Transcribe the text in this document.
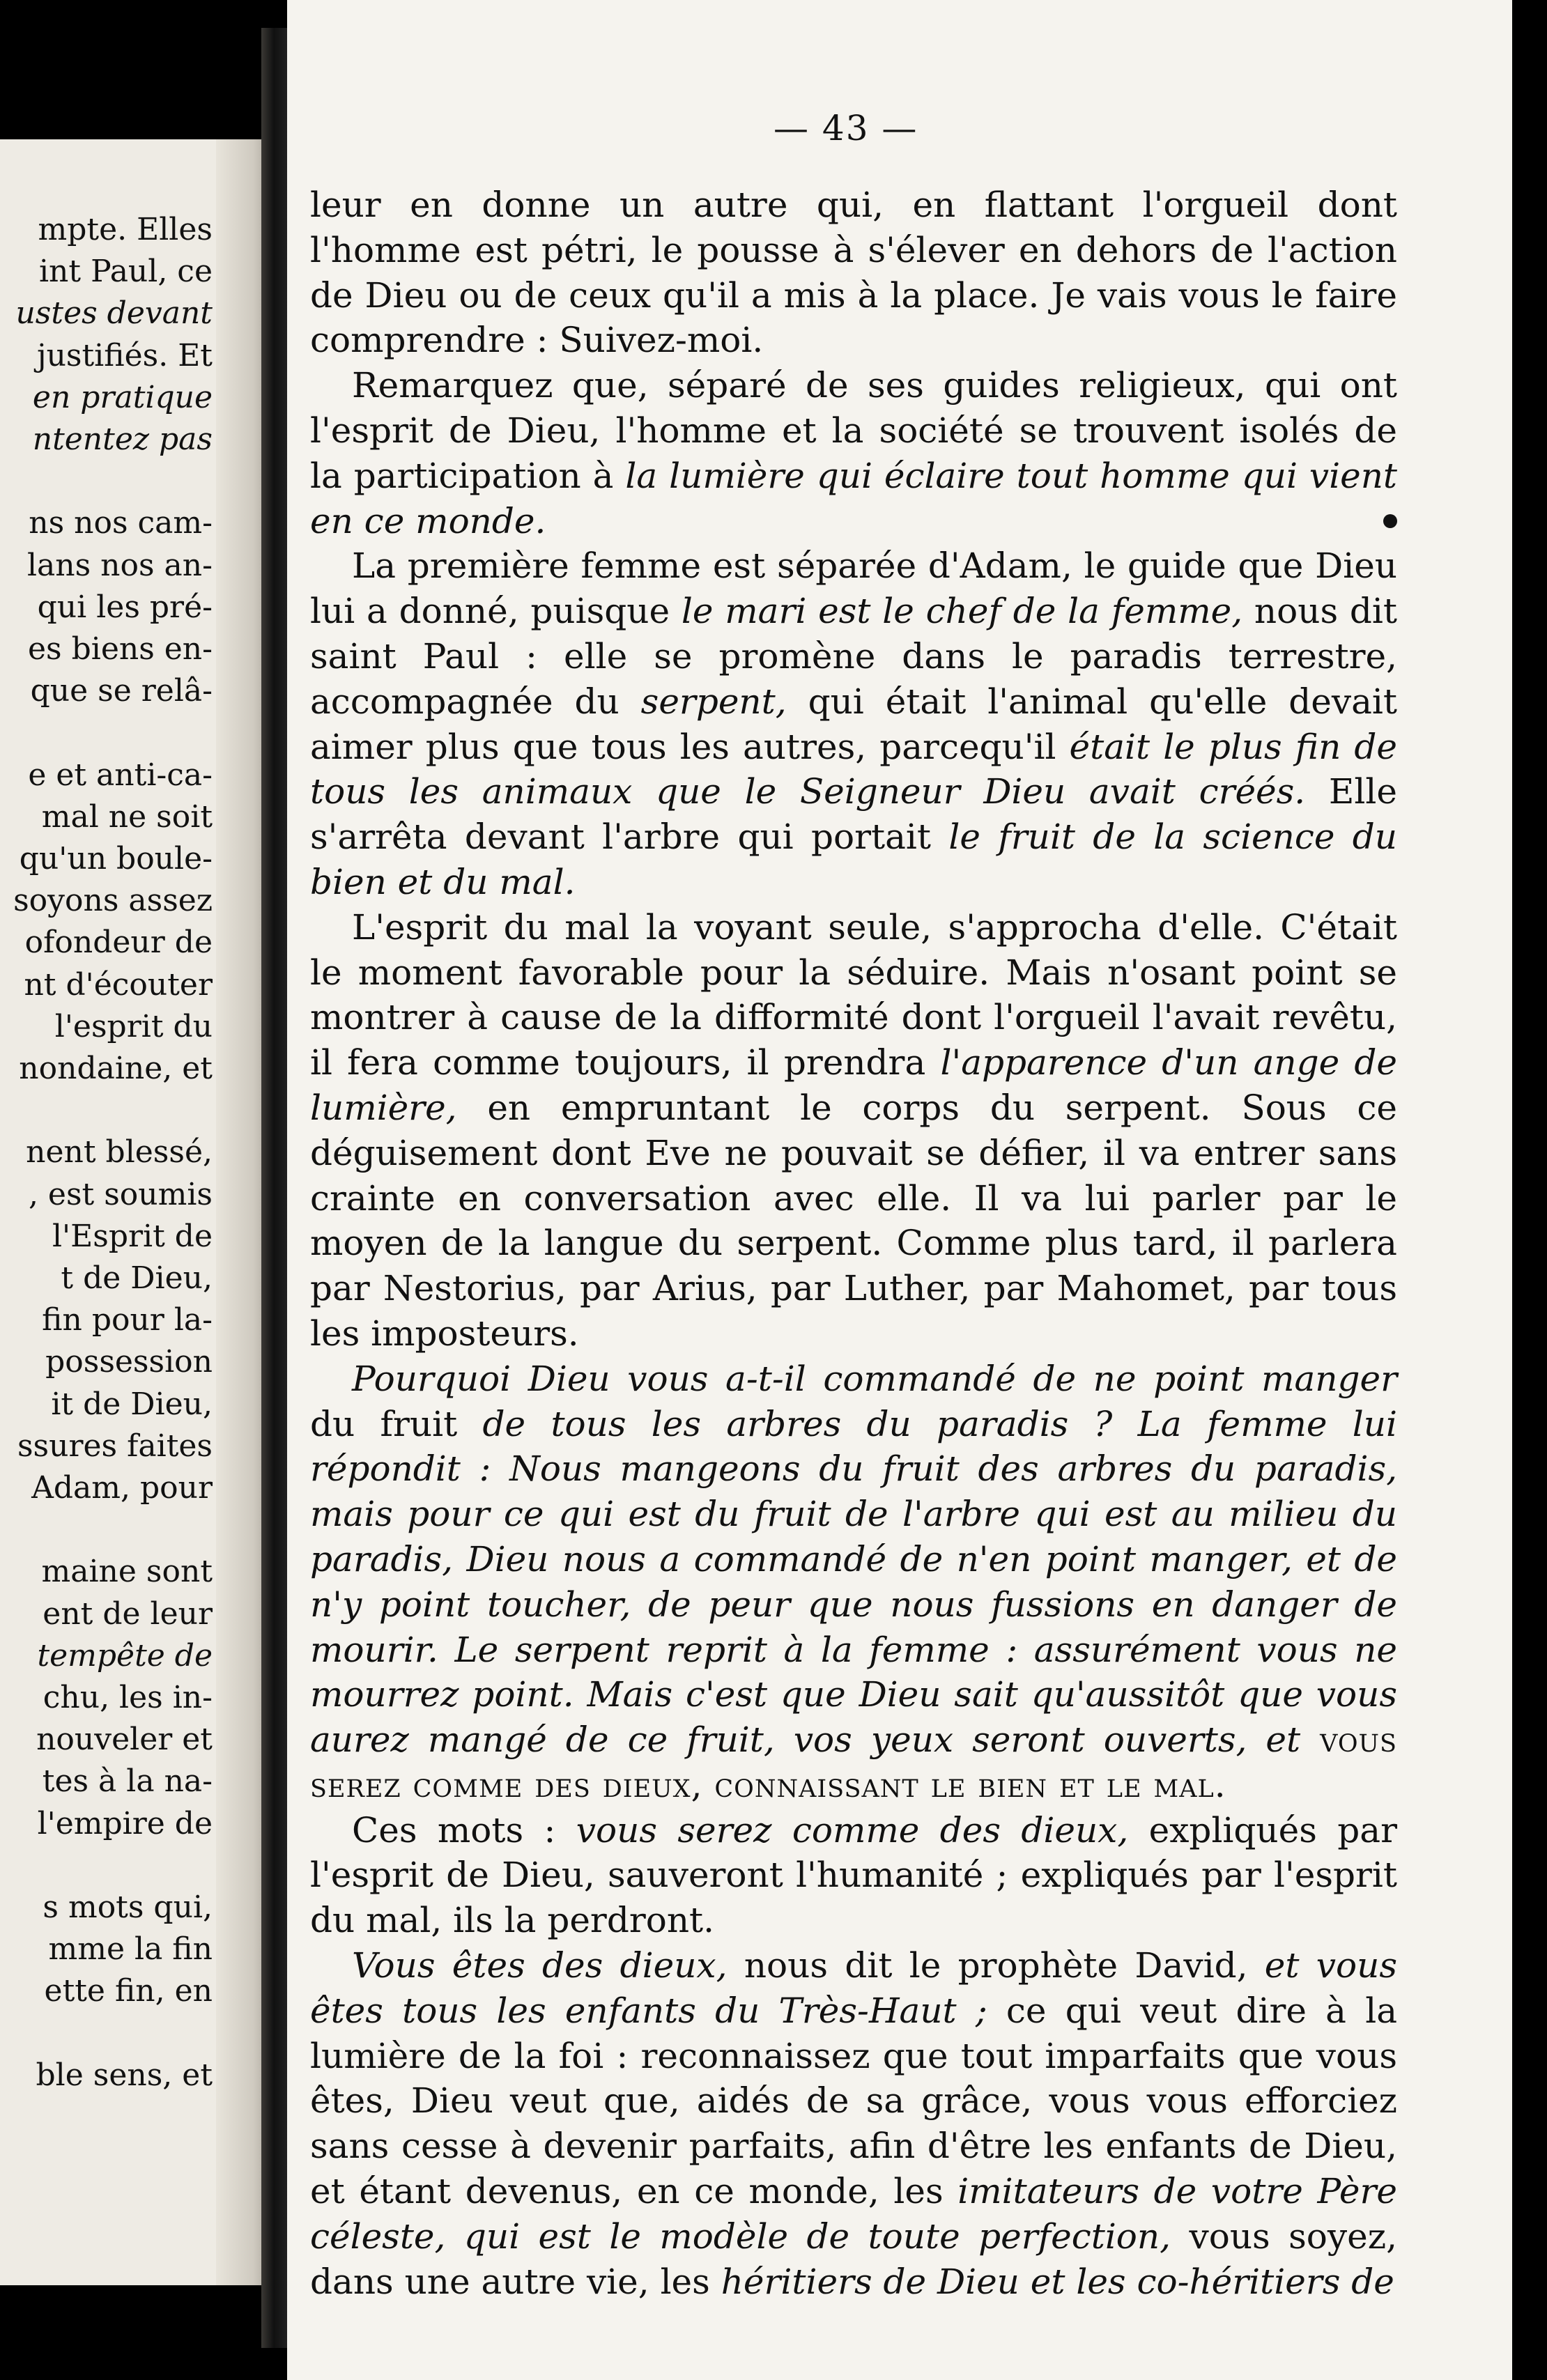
mpte. Elles
int Paul, ce
ustes devant
justifiés. Et
en pratique
ntentez pas
ns nos cam-
lans nos an-
qui les pré-
es biens en-
que se relâ-
e et anti-ca-
mal ne soit
qu'un boule-
soyons assez
ofondeur de
nt d'écouter
l'esprit du
nondaine, et
nent blessé,
, est soumis
l'Esprit de
t de Dieu,
fin pour la-
possession
it de Dieu,
ssures faites
Adam, pour
maine sont
ent de leur
tempête de
chu, les in-
nouveler et
tes à la na-
l'empire de
s mots qui,
mme la fin
ette fin, en
ble sens, et
— 43 —

leur en donne un autre qui, en flattant l'orgueil dont l'homme est pétri, le pousse à s'élever en dehors de l'action de Dieu ou de ceux qu'il a mis à la place. Je vais vous le faire comprendre : Suivez-moi.

Remarquez que, séparé de ses guides religieux, qui ont l'esprit de Dieu, l'homme et la société se trouvent isolés de la participation à la lumière qui éclaire tout homme qui vient en ce monde.

La première femme est séparée d'Adam, le guide que Dieu lui a donné, puisque le mari est le chef de la femme, nous dit saint Paul : elle se promène dans le paradis terrestre, accompagnée du serpent, qui était l'animal qu'elle devait aimer plus que tous les autres, parcequ'il était le plus fin de tous les animaux que le Seigneur Dieu avait créés. Elle s'arrêta devant l'arbre qui portait le fruit de la science du bien et du mal.

L'esprit du mal la voyant seule, s'approcha d'elle. C'était le moment favorable pour la séduire. Mais n'osant point se montrer à cause de la difformité dont l'orgueil l'avait revêtu, il fera comme toujours, il prendra l'apparence d'un ange de lumière, en empruntant le corps du serpent. Sous ce déguisement dont Eve ne pouvait se défier, il va entrer sans crainte en conversation avec elle. Il va lui parler par le moyen de la langue du serpent. Comme plus tard, il parlera par Nestorius, par Arius, par Luther, par Mahomet, par tous les imposteurs.

Pourquoi Dieu vous a-t-il commandé de ne point manger du fruit de tous les arbres du paradis ? La femme lui répondit : Nous mangeons du fruit des arbres du paradis, mais pour ce qui est du fruit de l'arbre qui est au milieu du paradis, Dieu nous a commandé de n'en point manger, et de n'y point toucher, de peur que nous fussions en danger de mourir. Le serpent reprit à la femme : assurément vous ne mourrez point. Mais c'est que Dieu sait qu'aussitôt que vous aurez mangé de ce fruit, vos yeux seront ouverts, et vous serez comme des dieux, connaissant le bien et le mal.

Ces mots : vous serez comme des dieux, expliqués par l'esprit de Dieu, sauveront l'humanité ; expliqués par l'esprit du mal, ils la perdront.

Vous êtes des dieux, nous dit le prophète David, et vous êtes tous les enfants du Très-Haut ; ce qui veut dire à la lumière de la foi : reconnaissez que tout imparfaits que vous êtes, Dieu veut que, aidés de sa grâce, vous vous efforciez sans cesse à devenir parfaits, afin d'être les enfants de Dieu, et étant devenus, en ce monde, les imitateurs de votre Père céleste, qui est le modèle de toute perfection, vous soyez, dans une autre vie, les héritiers de Dieu et les co-héritiers de
